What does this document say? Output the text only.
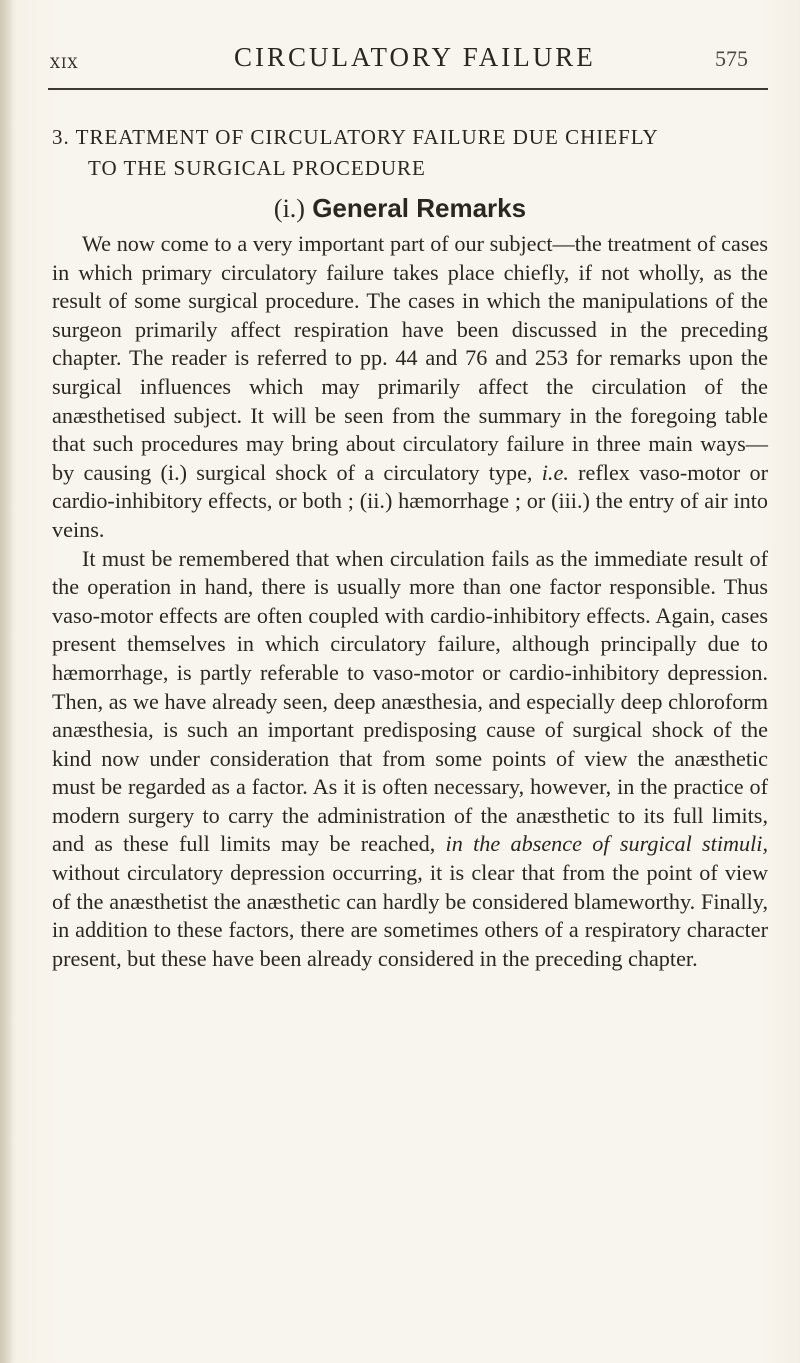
XIX	CIRCULATORY FAILURE	575
3. TREATMENT OF CIRCULATORY FAILURE DUE CHIEFLY
TO THE SURGICAL PROCEDURE
(i.) General Remarks

We now come to a very important part of our subject—the treatment of cases in which primary circulatory failure takes place chiefly, if not wholly, as the result of some surgical procedure. The cases in which the manipulations of the surgeon primarily affect respiration have been discussed in the preceding chapter. The reader is referred to pp. 44 and 76 and 253 for remarks upon the surgical influences which may primarily affect the circulation of the anæsthetised subject. It will be seen from the summary in the foregoing table that such procedures may bring about circulatory failure in three main ways—by causing (i.) surgical shock of a circulatory type, i.e. reflex vaso-motor or cardio-inhibitory effects, or both ; (ii.) hæmorrhage ; or (iii.) the entry of air into veins.

It must be remembered that when circulation fails as the immediate result of the operation in hand, there is usually more than one factor responsible. Thus vaso-motor effects are often coupled with cardio-inhibitory effects. Again, cases present themselves in which circulatory failure, although principally due to hæmorrhage, is partly referable to vaso-motor or cardio-inhibitory depression. Then, as we have already seen, deep anæsthesia, and especially deep chloroform anæsthesia, is such an important predisposing cause of surgical shock of the kind now under consideration that from some points of view the anæsthetic must be regarded as a factor. As it is often necessary, however, in the practice of modern surgery to carry the administration of the anæsthetic to its full limits, and as these full limits may be reached, in the absence of surgical stimuli, without circulatory depression occurring, it is clear that from the point of view of the anæsthetist the anæsthetic can hardly be considered blameworthy. Finally, in addition to these factors, there are sometimes others of a respiratory character present, but these have been already considered in the preceding chapter.
